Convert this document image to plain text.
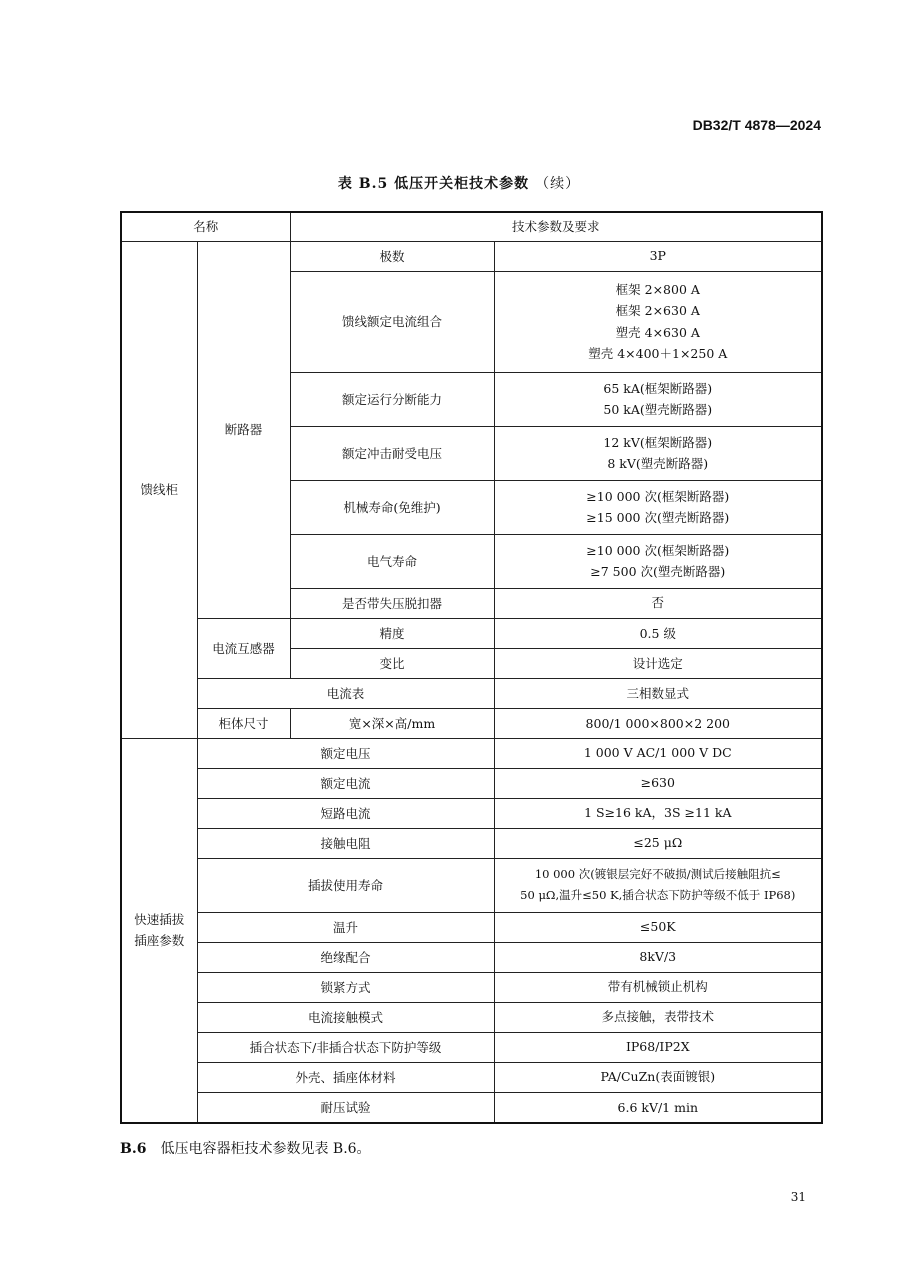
DB32/T 4878—2024
表 B.5 低压开关柜技术参数 （续）
名称		技术参数及要求	
馈线柜	断路器	极数	3P

		馈线额定电流组合	框架 2×800 A
框架 2×630 A
塑壳 4×630 A
塑壳 4×400＋1×250 A

		额定运行分断能力	65 kA(框架断路器)
50 kA(塑壳断路器)

		额定冲击耐受电压	12 kV(框架断路器)
8 kV(塑壳断路器)

		机械寿命(免维护)	≥10 000 次(框架断路器)
≥15 000 次(塑壳断路器)

		电气寿命	≥10 000 次(框架断路器)
≥7 500 次(塑壳断路器)

		是否带失压脱扣器	否

	电流互感器	精度	0.5 级
		变比	设计选定
	电流表		三相数显式
	柜体尺寸	宽×深×高/mm	800/1 000×800×2 200

快速插拔
插座参数	额定电压		1 000 V AC/1 000 V DC

	额定电流		≥630

	短路电流		1 S≥16 kA，3S ≥11 kA

	接触电阻		≤25 μΩ

	插拔使用寿命		10 000 次(镀银层完好不破损/测试后接触阻抗≤
50 μΩ,温升≤50 K,插合状态下防护等级不低于 IP68)

	温升		≤50K

	绝缘配合		8kV/3

	锁紧方式		带有机械锁止机构

	电流接触模式		多点接触，表带技术

	插合状态下/非插合状态下防护等级		IP68/IP2X

	外壳、插座体材料		PA/CuZn(表面镀银)

	耐压试验		6.6 kV/1 min
B.6 低压电容器柜技术参数见表 B.6。
31
